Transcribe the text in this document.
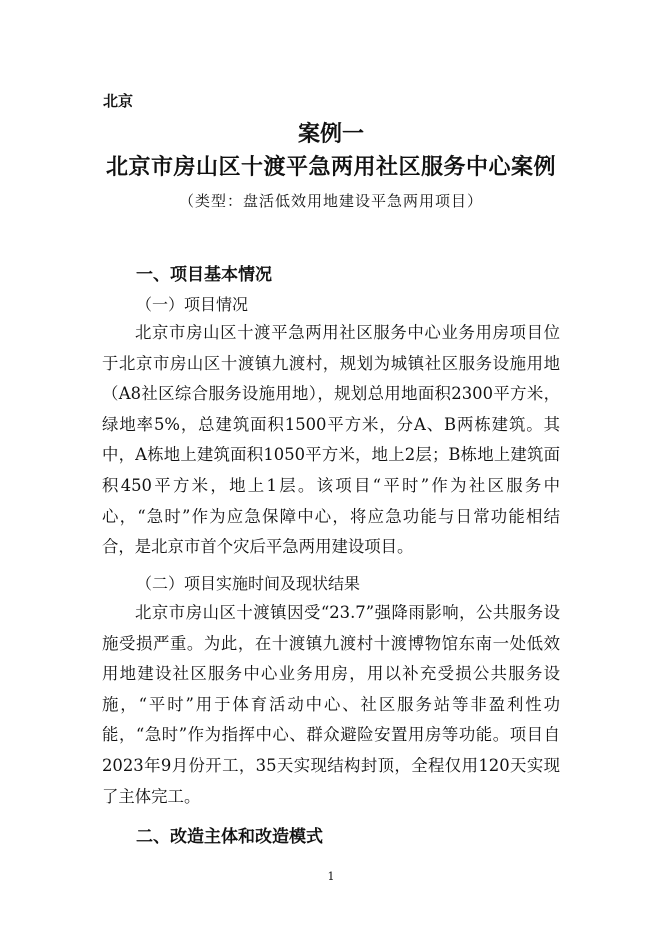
北京
案例一
北京市房山区十渡平急两用社区服务中心案例
（类型：盘活低效用地建设平急两用项目）
一、项目基本情况
（一）项目情况
北京市房山区十渡平急两用社区服务中心业务用房项目位于北京市房山区十渡镇九渡村，规划为城镇社区服务设施用地（A8社区综合服务设施用地），规划总用地面积2300平方米，绿地率5%，总建筑面积1500平方米，分A、B两栋建筑。其中，A栋地上建筑面积1050平方米，地上2层；B栋地上建筑面积450平方米，地上1层。该项目“平时”作为社区服务中心，“急时”作为应急保障中心，将应急功能与日常功能相结合，是北京市首个灾后平急两用建设项目。
（二）项目实施时间及现状结果
北京市房山区十渡镇因受“23.7”强降雨影响，公共服务设施受损严重。为此，在十渡镇九渡村十渡博物馆东南一处低效用地建设社区服务中心业务用房，用以补充受损公共服务设施，“平时”用于体育活动中心、社区服务站等非盈利性功能，“急时”作为指挥中心、群众避险安置用房等功能。项目自2023年9月份开工，35天实现结构封顶，全程仅用120天实现了主体完工。
二、改造主体和改造模式
1
